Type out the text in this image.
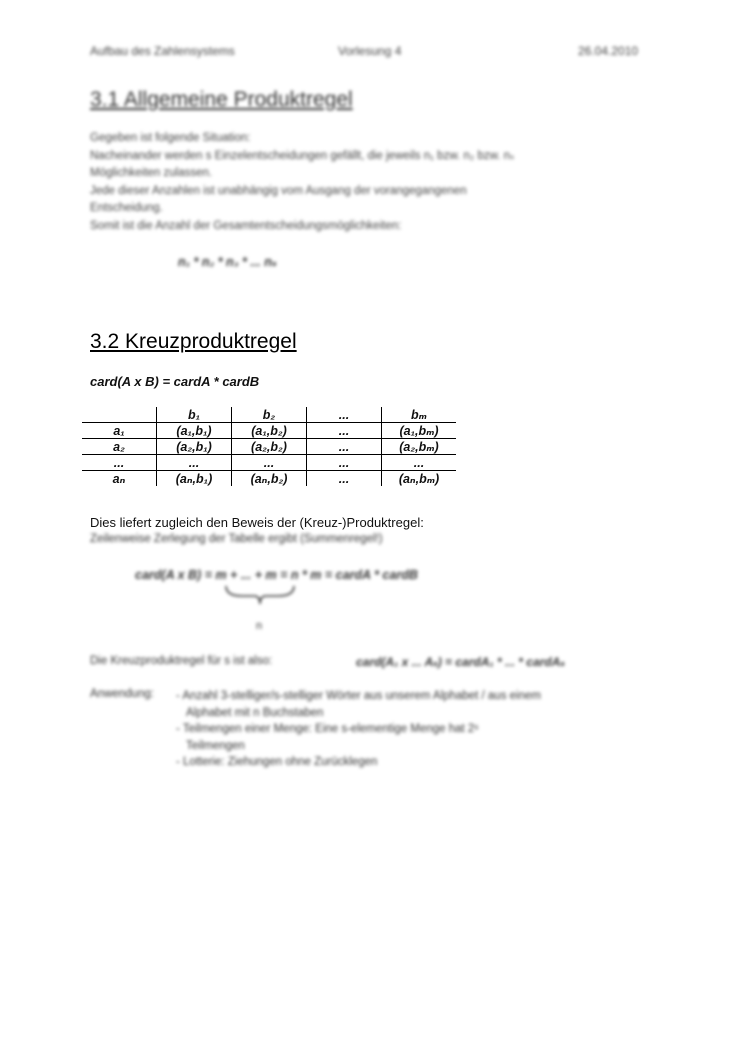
Aufbau des Zahlensystems	Vorlesung 4	26.04.2010
3.1 Allgemeine Produktregel
Gegeben ist folgende Situation:
Nacheinander werden s Einzelentscheidungen gefällt, die jeweils n₁ bzw. n₂ bzw. nₛ
Möglichkeiten zulassen.
Jede dieser Anzahlen ist unabhängig vom Ausgang der vorangegangenen
Entscheidung.
Somit ist die Anzahl der Gesamtentscheidungsmöglichkeiten:
n₁ * n₂ * n₃ * ... nₛ
3.2 Kreuzproduktregel
card(A x B) = cardA * cardB
	b₁	b₂	...	bₘ
a₁	(a₁,b₁)	(a₁,b₂)	...	(a₁,bₘ)
a₂	(a₂,b₁)	(a₂,b₂)	...	(a₂,bₘ)
...	...	...	...	...
aₙ	(aₙ,b₁)	(aₙ,b₂)	...	(aₙ,bₘ)
Dies liefert zugleich den Beweis der (Kreuz-)Produktregel:
Zeilenweise Zerlegung der Tabelle ergibt (Summenregel!)
card(A x B) = m + ... + m = n * m = cardA * cardB
n
Die Kreuzproduktregel für s ist also:	card(A₁ x ... Aₛ) = cardA₁ * ... * cardAₛ
Anwendung: - Anzahl 3-stelliger/s-stelliger Wörter aus unserem Alphabet / aus einem
Alphabet mit n Buchstaben
- Teilmengen einer Menge: Eine s-elementige Menge hat 2ˢ
Teilmengen
- Lotterie: Ziehungen ohne Zurücklegen
